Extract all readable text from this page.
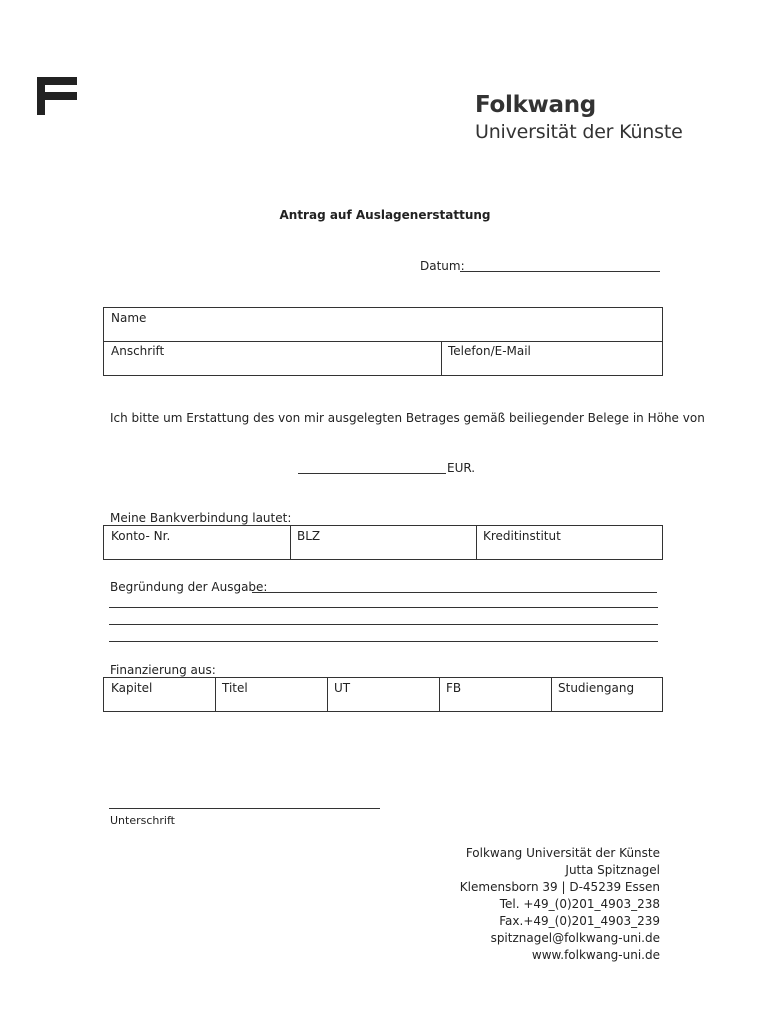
Folkwang
Universität der Künste
Antrag auf Auslagenerstattung
Datum:
Name
Anschrift	Telefon/E-Mail
Ich bitte um Erstattung des von mir ausgelegten Betrages gemäß beiliegender Belege in Höhe von
EUR.
Meine Bankverbindung lautet:
Konto- Nr.	BLZ	Kreditinstitut
Begründung der Ausgabe:
Finanzierung aus:
Kapitel	Titel	UT	FB	Studiengang
Unterschrift
Folkwang Universität der Künste
Jutta Spitznagel
Klemensborn 39 | D-45239 Essen
Tel. +49_(0)201_4903_238
Fax.+49_(0)201_4903_239
spitznagel@folkwang-uni.de
www.folkwang-uni.de
